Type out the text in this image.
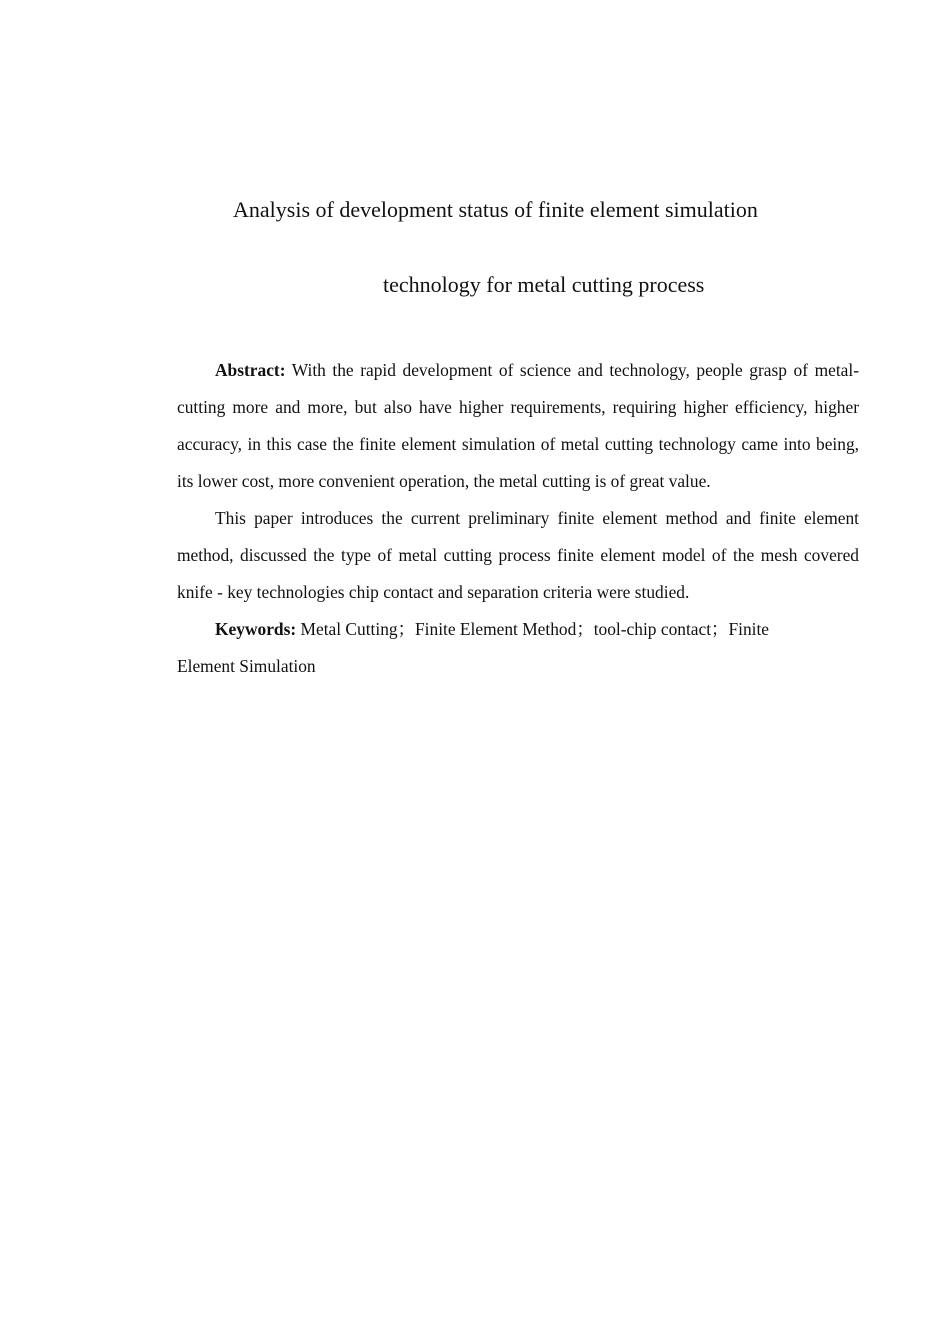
Analysis of development status of finite element simulation
technology for metal cutting process

Abstract: With the rapid development of science and technology, people grasp of metal-cutting more and more, but also have higher requirements, requiring higher efficiency, higher accuracy, in this case the finite element simulation of metal cutting technology came into being, its lower cost, more convenient operation, the metal cutting is of great value.

This paper introduces the current preliminary finite element method and finite element method, discussed the type of metal cutting process finite element model of the mesh covered knife - key technologies chip contact and separation criteria were studied.

Keywords: Metal Cutting；Finite Element Method；tool-chip contact；Finite Element Simulation
